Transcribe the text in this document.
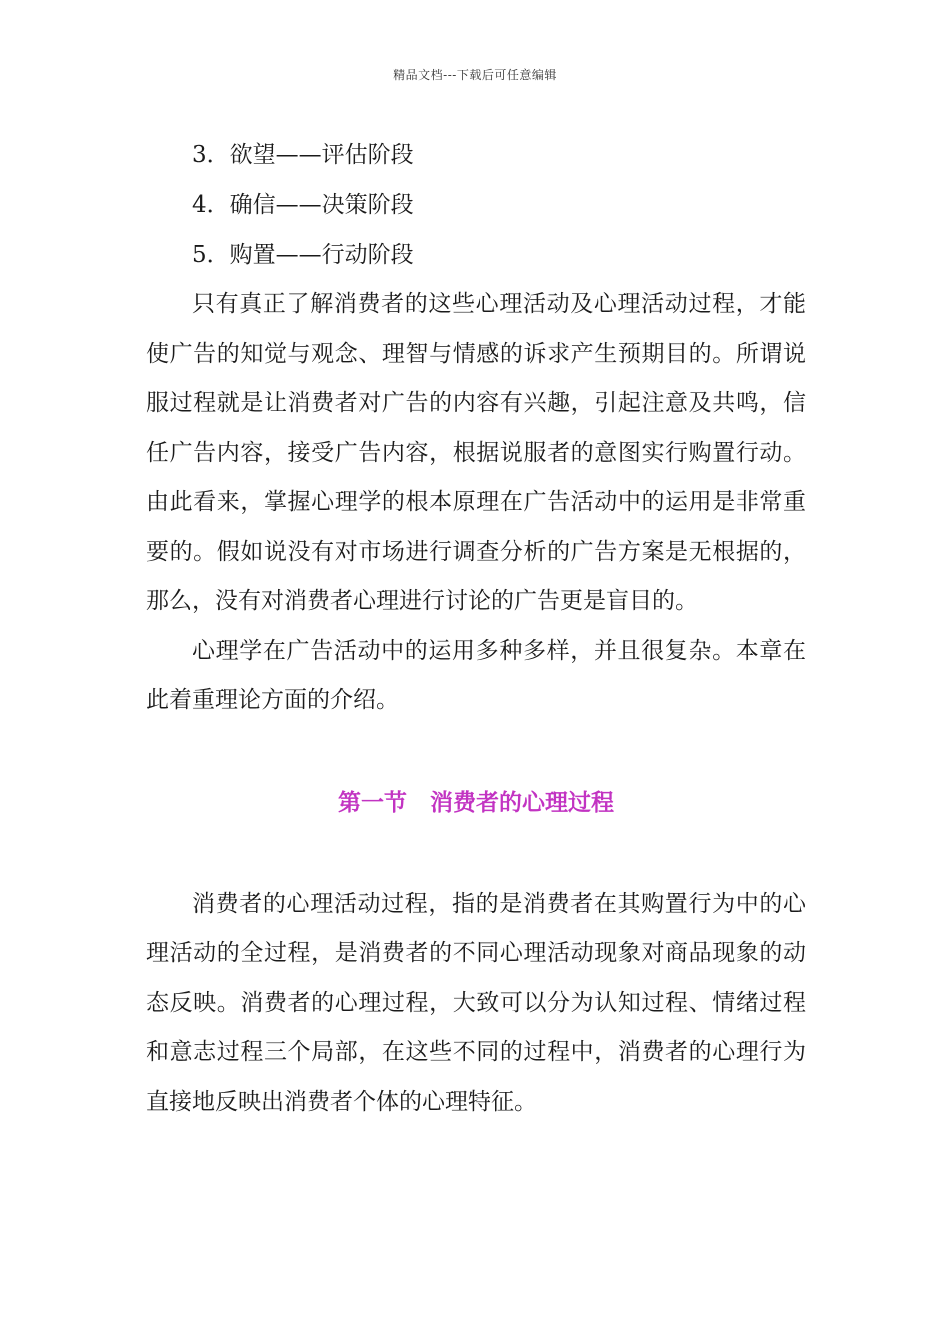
精品文档---下载后可任意编辑
3．欲望——评估阶段
4．确信——决策阶段
5．购置——行动阶段

只有真正了解消费者的这些心理活动及心理活动过程，才能使广告的知觉与观念、理智与情感的诉求产生预期目的。所谓说服过程就是让消费者对广告的内容有兴趣，引起注意及共鸣，信任广告内容，接受广告内容，根据说服者的意图实行购置行动。由此看来，掌握心理学的根本原理在广告活动中的运用是非常重要的。假如说没有对市场进行调查分析的广告方案是无根据的，那么，没有对消费者心理进行讨论的广告更是盲目的。

心理学在广告活动中的运用多种多样，并且很复杂。本章在此着重理论方面的介绍。

第一节　消费者的心理过程

消费者的心理活动过程，指的是消费者在其购置行为中的心理活动的全过程，是消费者的不同心理活动现象对商品现象的动态反映。消费者的心理过程，大致可以分为认知过程、情绪过程和意志过程三个局部，在这些不同的过程中，消费者的心理行为直接地反映出消费者个体的心理特征。
